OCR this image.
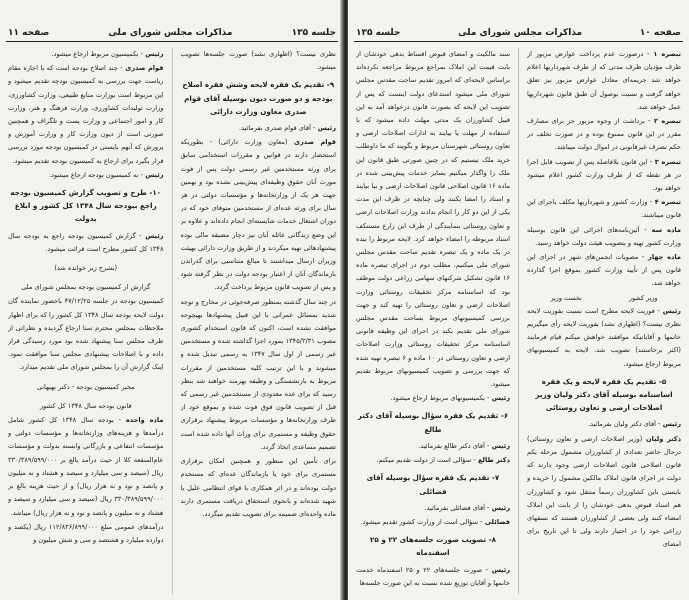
جلسه ۱۳۵
مذاکرات مجلس شورای ملی
صفحه ۱۱

نظری نیست؟ (اظهاری نشد) صورت جلسه‌ها تصویب میشود.

۹- تقدیم یک فقره لایحه وشش فقره اصلاح بودجه و دو صورت دیون بوسیله آقای قوام صدری معاون وزارت دارائی

رئیس - آقای قوام صدری بفرمائید.

قوام صدری (معاون وزارت دارائی) - بطوریکه استحضار دارند در قوانین و مقررات استخدامی سابق برای ورثه مستخدمین غیر رسمی دولت پس از فوت مورث آنان حقوق وظیفه‌ای پیش‌بینی نشده بود و بهمین جهت هر یک از وزارتخانه‌ها و مؤسسات دولتی در هر سال برای ورثه عده‌ای از مستخدمین متوفای خود که در دوران اشتغال خدمات شایسته‌ای انجام داده‌اند و علاوه بر این وضع زندگانی عائله آنان نیز دچار مضیقه مالی بوده پیشنهادهائی تهیه میکردند و از طریق وزارت دارائی بهیئت وزیران ارسال میداشتند تا مبالغ متناسبی برای گذراندن بازماندگان آنان از اعتبار بودجه دولت در نظر گرفته شود و پس از تصویب قانون مربوط پرداخت گردد.

در چند سال گذشته بمنظور صرفه‌جوئی در مخارج و توجه شدید بمسائل عمرانی با این قبیل پیشنهادها بهیچوجه موافقت نشده است، اکنون که قانون استخدام کشوری مصوب ۱۳۴۵/۳/۳۱ بمورد اجرا گذاشته شده و مستخدمین غیر رسمی از اول سال ۱۳۴۷ به رسمی تبدیل شده و میشوند و با این ترتیب کلیه مستخدمین از مقررات مربوط به بازنشستگی و وظیفه بهرمند خواهند شد بنظر رسید که برای عده معدودی از مستخدمین غیر رسمی که قبل از تصویب قانون فوق فوت شده و بموقع خود از طرف وزارتخانه‌ها و مؤسسات مربوط پیشنهاد برقراری حقوق وظیفه و مستمری برای وراث آنها داده شده است تصمیم مساعدی اتخاذ گردد.

برای تأمین این منظور و همچنین امکان برقراری مستمری برای خود یا بازماندگان عده‌ای که مستخدم دولت بوده‌اند و در اثر همکاری با قوای انتظامی علیل یا شهید شده‌اند و بانحوی استحقاق دریافت مستمری دارند ماده واحده‌ای ضمیمه برای تصویب تقدیم میگردد.

رئیس - بکمیسیون مربوط ارجاع میشود.

قوام صدری - چند اصلاح بودجه است که با اجازه مقام ریاست جهت بررسی به کمیسیون بودجه تقدیم میشود و این مربوط است بوزارت منابع طبیعی، وزارت کشاورزی، وزارت تولیدات کشاورزی، وزارت فرهنگ و هنر، وزارت کار و امور اجتماعی و وزارت پست و تلگراف و همچنین صورتی است از دیون وزارت کار و وزارت آموزش و پرورش که آنهم بایستی در کمیسیون بودجه مورد بررسی قرار بگیرد برای ارجاع به کمیسیون بودجه تقدیم میشود.

رئیس - به کمیسیون بودجه ارجاع میشود.

۱۰- طرح و تصویب گزارش کمیسیون بودجه راجع ببودجه سال ۱۳۴۸ کل کشور و ابلاغ بدولت

رئیس - گزارش کمیسیون بودجه راجع به بودجه سال ۱۳۴۸ کل کشور مطرح است قرائت میشود.

(بشرح زیر خوانده شد)

گزارش از کمیسیون بودجه بمجلس شورای ملی

کمیسیون بودجه در جلسه ۴۷/۱۲/۲۵ باحضور نماینده گان دولت لایحه بودجه سال ۱۳۴۸ کل کشور را که برای اظهار ملاحظات بمجلس محترم سنا ارجاع گردیده و نظراتی از طرف مجلس سنا پیشنهاد شده بود مورد رسیدگی قرار داده و با اصلاحات پیشنهادی مجلس سنا موافقت نمود. اینک گزارش آن را بمجلس شورای ملی تقدیم میدارد.

مخبر کمیسیون بودجه - دکتر بهبهانی

قانون بودجه سال ۱۳۴۸ کل کشور

ماده واحده - بودجه سال ۱۳۴۸ کل کشور شامل درآمدها و هزینه‌های وزارتخانه‌ها و مؤسسات دولتی و مؤسسات انتفاعی و بازرگانی وابسته بدولت و مؤسسات عام‌المنفعه کلا از حیث درآمد بالغ بر ۳۳۰/۳۸۹/۵۹۹/۰۰۰ ریال (سیصد و سی میلیارد و سیصد و هشتاد و نه میلیون و پانصد و نود و نه هزار ریال) و از حیث هزینه بالغ بر ۳۳۰/۳۸۹/۵۹۹/۰۰۰ ریال (سیصد و سی میلیارد و سیصد و هشتاد و نه میلیون و پانصد و نود و نه هزار ریال) میباشد.

درآمدهای عمومی مبلغ ۱۱۲/۸۳۶/۸۹۹/۰۰۰ ریال (یکصد و دوازده میلیارد و هشتصد و سی و شش میلیون و

صفحه ۱۰
مذاکرات مجلس شورای ملی
جلسه ۱۳۵

تبصره ۱ - درصورت عدم پرداخت عوارض مزبور از طرف مؤدیان ظرف مدتی که از طرف شهرداریها اعلام خواهد شد جریمه‌ای معادل عوارض مزبور نیز تعلق خواهد گرفت و نسبت بوصول آن طبق قانون شهرداریها عمل خواهد شد.

تبصره ۲ - برداشت از وجوه مزبور جز برای مصارف مقرر در این قانون ممنوع بوده و در صورت تخلف در حکم تصرف غیرقانونی در اموال دولت میباشد.

تبصره ۳ - این قانون بلافاصله پس از تصویب قابل اجرا در هر نقطه که از طرف وزارت کشور اعلام میشود خواهد بود.

تبصره ۴ - وزارت کشور و شهرداریها مکلف باجرای این قانون میباشند.

ماده سه - آئین‌نامه‌های اجرائی این قانون بوسیله وزارت کشور تهیه و بتصویب هیئت دولت خواهد رسید.

ماده چهار - مصوبات انجمن‌های شهر در اجرای این قانون پس از تأیید وزارت کشور بموقع اجرا گذارده خواهد شد.

وزیر کشور
نخست وزیر

رئیس - فوریت لایحه مطرح است نسبت بفوریت لایحه نظری نیست؟ (اظهاری نشد) بفوریت لایحه رأی میگیریم خانمها و آقایانیکه موافقند خواهش میکنم قیام فرمایند (اکثر برخاستند) تصویب شد. لایحه به کمیسیونهای مربوط ارجاع میشود.

۵- تقدیم یک فقره لایحه و یک فقره اساسنامه بوسیله آقای دکتر ولیان وزیر اصلاحات ارضی و تعاون روستائی

رئیس - آقای دکتر ولیان بفرمائید.

دکتر ولیان (وزیر اصلاحات ارضی و تعاون روستائی) درحال حاضر تعدادی از کشاورزان مشمول مرحله یکم قانون اصلاحی قانون اصلاحات ارضی وجود دارند که دولت در اجرای قانون املاک مالکین مشمول را خریده و بایستی باین کشاورزان رسماً منتقل شود و کشاورزان هم اسناد قبوض بدهی خودشان را از بابت این املاک امضاء کنند ولی بعضی از کشاورزان هستند که نسقهای زراعی خود را در اختیار دارند ولی تا این تاریخ برای امضای

سند مالکیت و امضای قبوض اقساط بدهی خودشان از بابت قیمت این املاک بمراجع مربوط مراجعه نکرده‌اند براساس لایحه‌ای که امروز تقدیم ساحت مقدس مجلس شورای ملی میشود استدعای دولت اینست که پس از تصویب این لایحه که بصورت قانون درخواهد آمد به این قبیل کشاورزان یک مدتی مهلت داده میشود که با استفاده از مهلت یا بیایند به ادارات اصلاحات ارضی و تعاون روستائی شهرستان مربوط و بگویند که ما داوطلب خرید ملک نیستیم که در چنین صورتی طبق قانون این ملک را واگذار میکنیم بسایر خدمات پیش‌بینی شده در ماده ۱۶ قانون اصلاحی قانون اصلاحات ارضی و بیا بیایند و اسناد را امضا بکنند ولی چنانچه در ظرف این مدت یکی از این دو کار را انجام ندادند وزارت اصلاحات ارضی و تعاون روستائی بنمایندگی از طرف این زارع مستنکف اسناد مربوطه را امضاء خواهد کرد. لایحه مربوط را بنده در یک ماده و یک تبصره تقدیم ساحت مقدس مجلس شورای ملی میکنیم. مطلب دوم در اجرای تبصره ماده ۱۶ قانون تشکیل شرکتهای سهامی زراعی دولت موظف بود که اساسنامه مرکز تحقیقات روستائی وزارت اصلاحات ارضی و تعاون روستائی را تهیه کند و جهت بررسی کمیسیونهای مربوط بساحت مقدس مجلس شورای ملی تقدیم بکند در اجرای این وظیفه قانونی اساسنامه مرکز تحقیقات روستائی وزارت اصلاحات ارضی و تعاون روستائی در ۱۰ ماده و ۶ تبصره تهیه شده که جهت بررسی و تصویب کمیسیونهای مربوط تقدیم میشود.

رئیس - بکمیسیونهای مربوط ارجاع میشود.

۶- تقدیم یک فقره سؤال بوسیله آقای دکتر طالع

رئیس - آقای دکتر طالع بفرمائید.

دکتر طالع - سؤالی است از دولت تقدیم میکنم.

۷- تقدیم یک فقره سؤال بوسیله آقای فضائلی

رئیس - آقای فضائلی بفرمائید.

فضائلی - سؤالی است از وزارت کشور تقدیم میشود.

۸- تصویب صورت جلسه‌های ۲۲ و ۲۵ اسفندماه

رئیس - صورت جلسه‌های ۲۲ و ۲۵ اسفندماه خدمت خانمها و آقایان توزیع شده نسبت به این صورت جلسه‌ها
